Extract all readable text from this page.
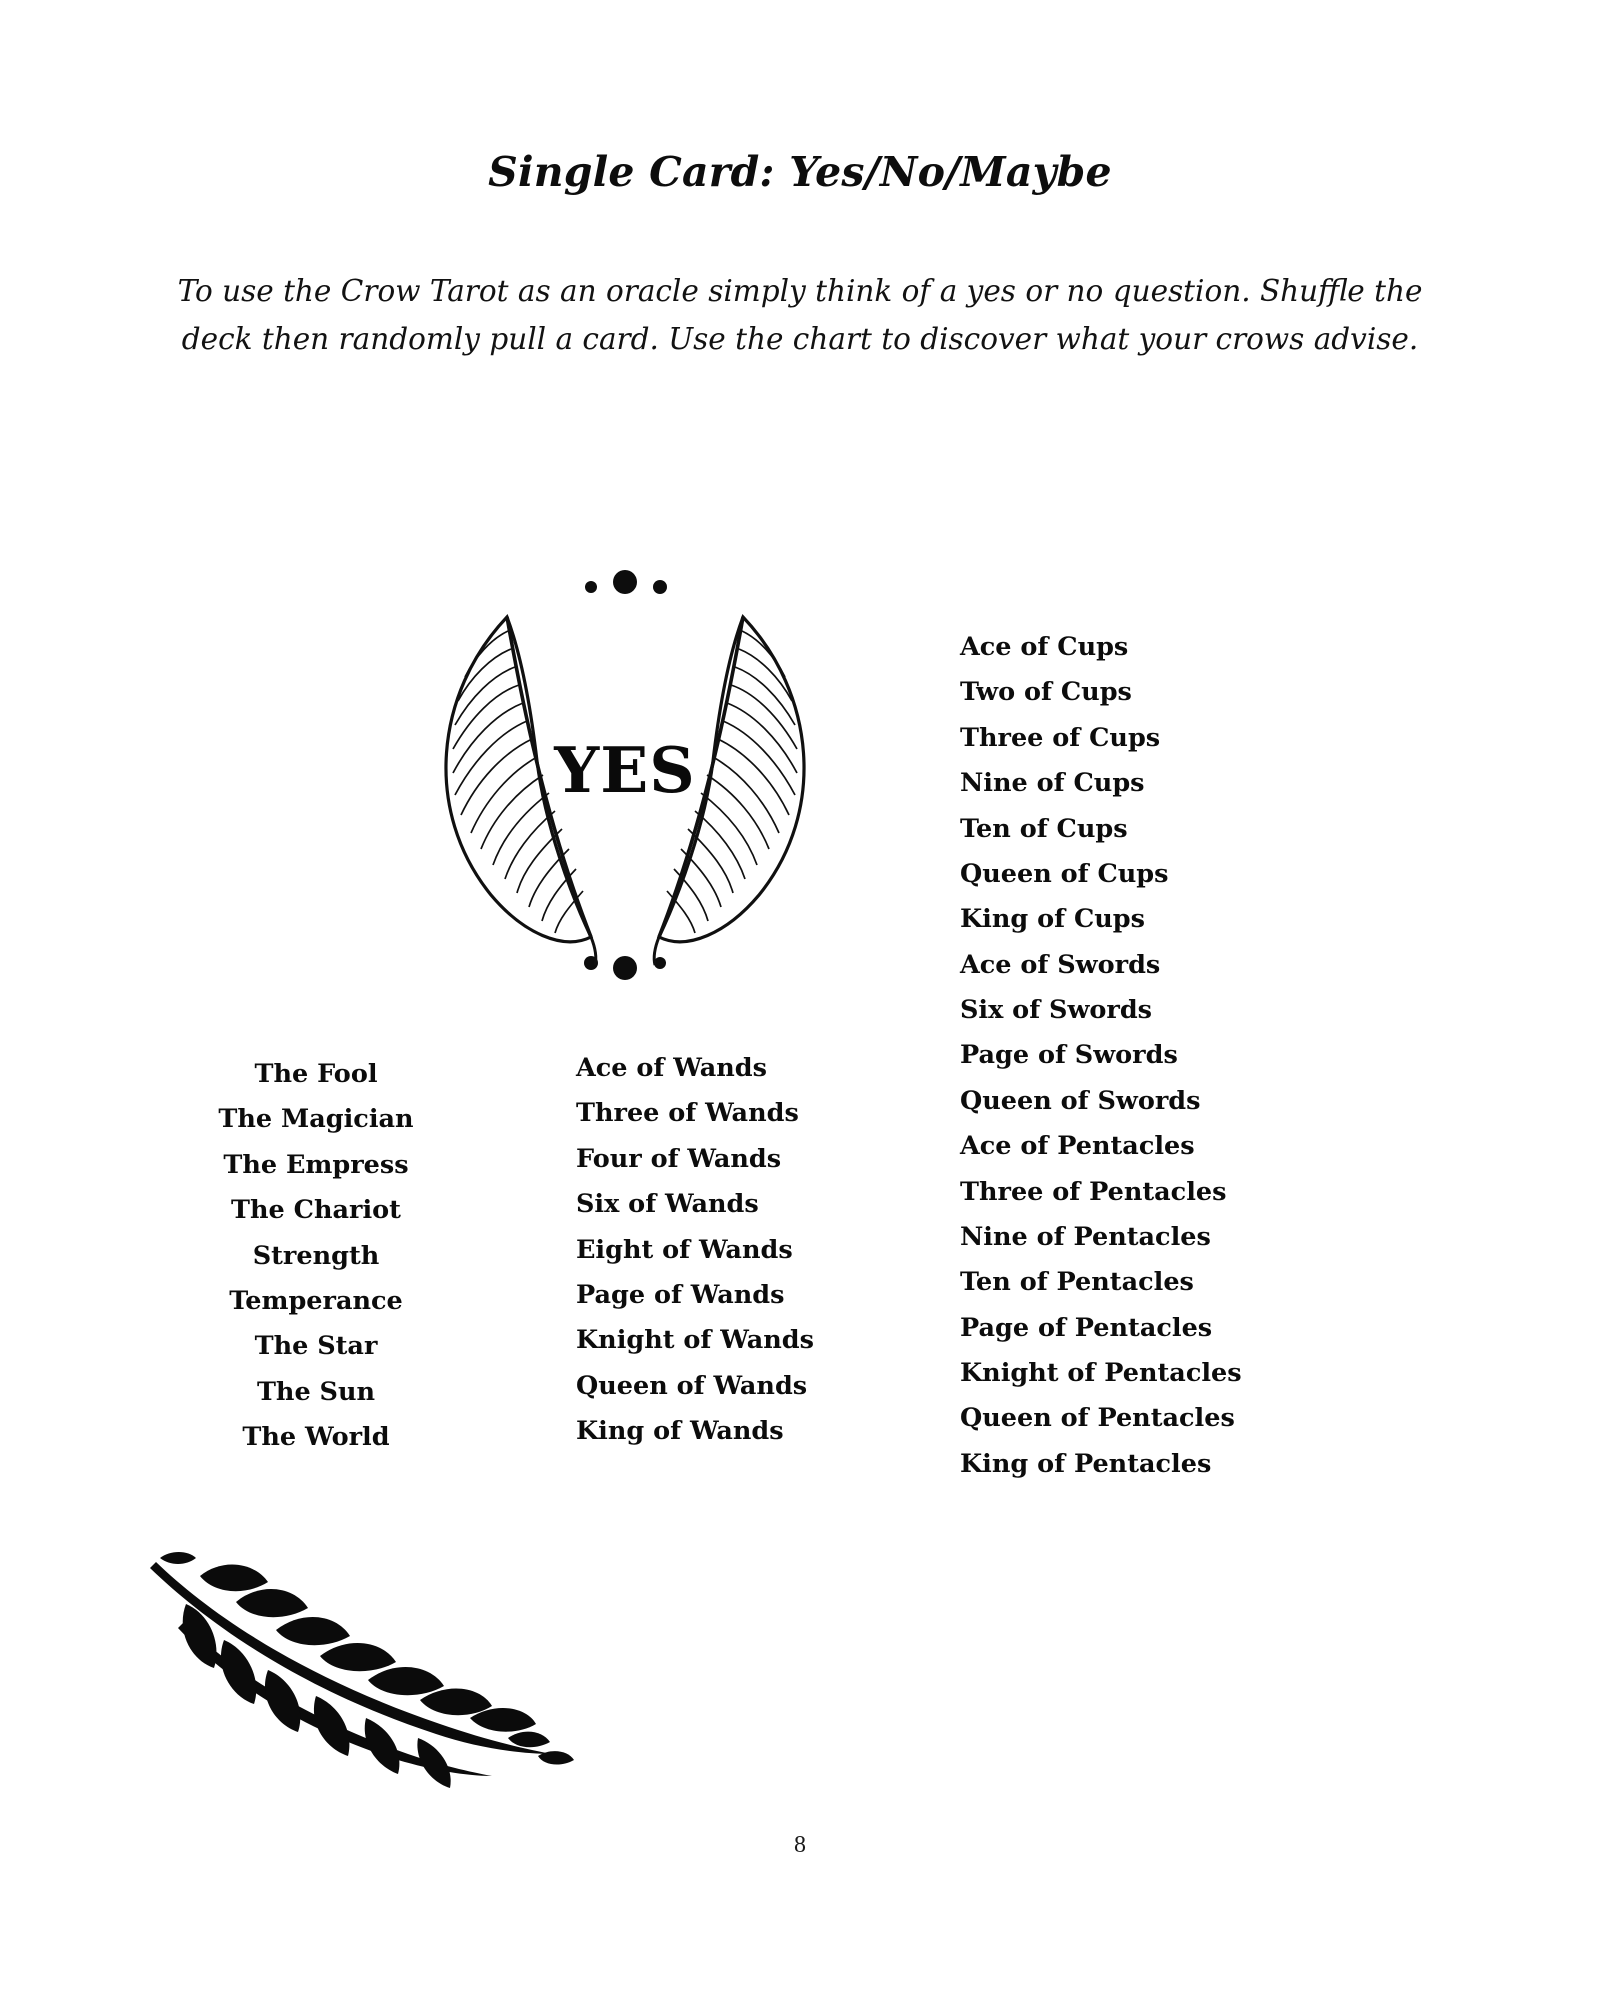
Single Card: Yes/No/Maybe
To use the Crow Tarot as an oracle simply think of a yes or no question. Shuffle the deck then randomly pull a card. Use the chart to discover what your crows advise.
YES
The Fool
The Magician
The Empress
The Chariot
Strength
Temperance
The Star
The Sun
The World
Ace of Wands
Three of Wands
Four of Wands
Six of Wands
Eight of Wands
Page of Wands
Knight of Wands
Queen of Wands
King of Wands
Ace of Cups
Two of Cups
Three of Cups
Nine of Cups
Ten of Cups
Queen of Cups
King of Cups
Ace of Swords
Six of Swords
Page of Swords
Queen of Swords
Ace of Pentacles
Three of Pentacles
Nine of Pentacles
Ten of Pentacles
Page of Pentacles
Knight of Pentacles
Queen of Pentacles
King of Pentacles
8
